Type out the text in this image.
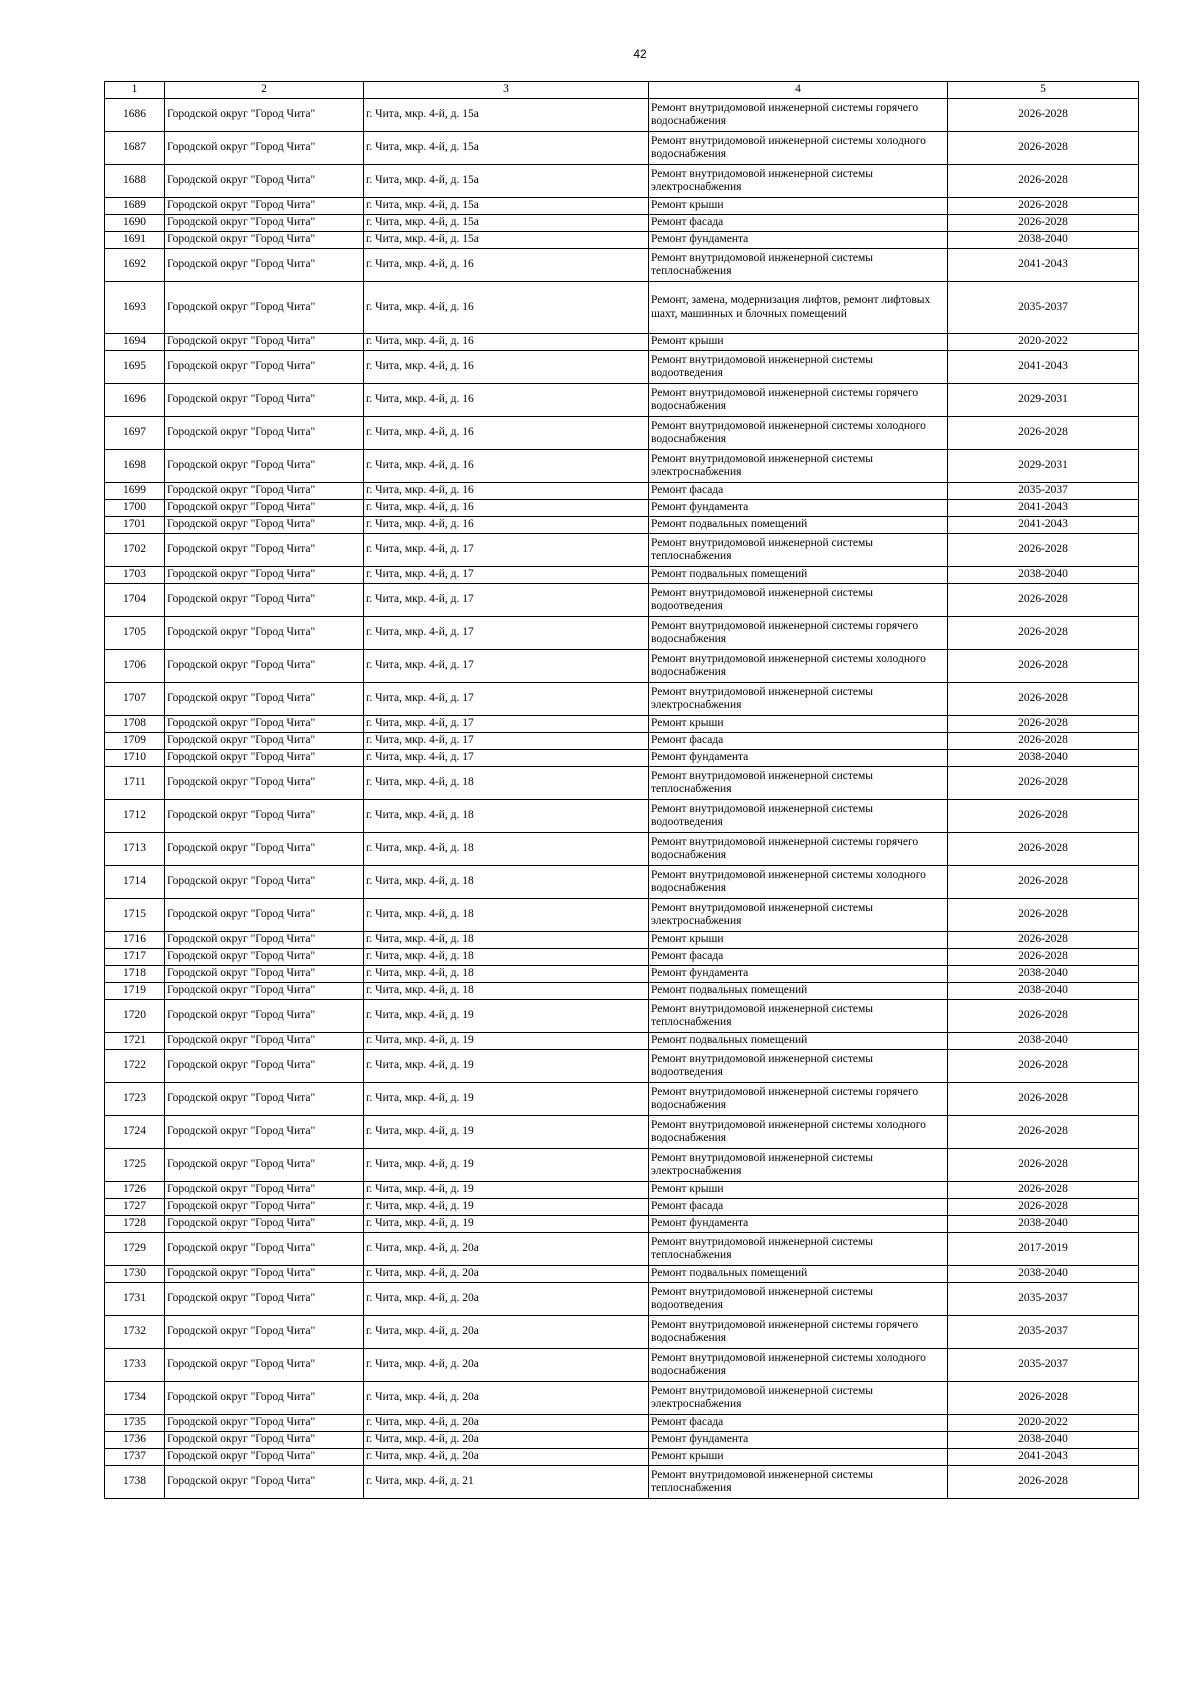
42
1	2	3	4	5
1686	Городской округ "Город Чита"	г. Чита, мкр. 4-й, д. 15а	Ремонт внутридомовой инженерной системы горячего водоснабжения	2026-2028
1687	Городской округ "Город Чита"	г. Чита, мкр. 4-й, д. 15а	Ремонт внутридомовой инженерной системы холодного водоснабжения	2026-2028
1688	Городской округ "Город Чита"	г. Чита, мкр. 4-й, д. 15а	Ремонт внутридомовой инженерной системы электроснабжения	2026-2028
1689	Городской округ "Город Чита"	г. Чита, мкр. 4-й, д. 15а	Ремонт крыши	2026-2028
1690	Городской округ "Город Чита"	г. Чита, мкр. 4-й, д. 15а	Ремонт фасада	2026-2028
1691	Городской округ "Город Чита"	г. Чита, мкр. 4-й, д. 15а	Ремонт фундамента	2038-2040
1692	Городской округ "Город Чита"	г. Чита, мкр. 4-й, д. 16	Ремонт внутридомовой инженерной системы теплоснабжения	2041-2043
1693	Городской округ "Город Чита"	г. Чита, мкр. 4-й, д. 16	Ремонт, замена, модернизация лифтов, ремонт лифтовых шахт, машинных и блочных помещений	2035-2037
1694	Городской округ "Город Чита"	г. Чита, мкр. 4-й, д. 16	Ремонт крыши	2020-2022
1695	Городской округ "Город Чита"	г. Чита, мкр. 4-й, д. 16	Ремонт внутридомовой инженерной системы водоотведения	2041-2043
1696	Городской округ "Город Чита"	г. Чита, мкр. 4-й, д. 16	Ремонт внутридомовой инженерной системы горячего водоснабжения	2029-2031
1697	Городской округ "Город Чита"	г. Чита, мкр. 4-й, д. 16	Ремонт внутридомовой инженерной системы холодного водоснабжения	2026-2028
1698	Городской округ "Город Чита"	г. Чита, мкр. 4-й, д. 16	Ремонт внутридомовой инженерной системы электроснабжения	2029-2031
1699	Городской округ "Город Чита"	г. Чита, мкр. 4-й, д. 16	Ремонт фасада	2035-2037
1700	Городской округ "Город Чита"	г. Чита, мкр. 4-й, д. 16	Ремонт фундамента	2041-2043
1701	Городской округ "Город Чита"	г. Чита, мкр. 4-й, д. 16	Ремонт подвальных помещений	2041-2043
1702	Городской округ "Город Чита"	г. Чита, мкр. 4-й, д. 17	Ремонт внутридомовой инженерной системы теплоснабжения	2026-2028
1703	Городской округ "Город Чита"	г. Чита, мкр. 4-й, д. 17	Ремонт подвальных помещений	2038-2040
1704	Городской округ "Город Чита"	г. Чита, мкр. 4-й, д. 17	Ремонт внутридомовой инженерной системы водоотведения	2026-2028
1705	Городской округ "Город Чита"	г. Чита, мкр. 4-й, д. 17	Ремонт внутридомовой инженерной системы горячего водоснабжения	2026-2028
1706	Городской округ "Город Чита"	г. Чита, мкр. 4-й, д. 17	Ремонт внутридомовой инженерной системы холодного водоснабжения	2026-2028
1707	Городской округ "Город Чита"	г. Чита, мкр. 4-й, д. 17	Ремонт внутридомовой инженерной системы электроснабжения	2026-2028
1708	Городской округ "Город Чита"	г. Чита, мкр. 4-й, д. 17	Ремонт крыши	2026-2028
1709	Городской округ "Город Чита"	г. Чита, мкр. 4-й, д. 17	Ремонт фасада	2026-2028
1710	Городской округ "Город Чита"	г. Чита, мкр. 4-й, д. 17	Ремонт фундамента	2038-2040
1711	Городской округ "Город Чита"	г. Чита, мкр. 4-й, д. 18	Ремонт внутридомовой инженерной системы теплоснабжения	2026-2028
1712	Городской округ "Город Чита"	г. Чита, мкр. 4-й, д. 18	Ремонт внутридомовой инженерной системы водоотведения	2026-2028
1713	Городской округ "Город Чита"	г. Чита, мкр. 4-й, д. 18	Ремонт внутридомовой инженерной системы горячего водоснабжения	2026-2028
1714	Городской округ "Город Чита"	г. Чита, мкр. 4-й, д. 18	Ремонт внутридомовой инженерной системы холодного водоснабжения	2026-2028
1715	Городской округ "Город Чита"	г. Чита, мкр. 4-й, д. 18	Ремонт внутридомовой инженерной системы электроснабжения	2026-2028
1716	Городской округ "Город Чита"	г. Чита, мкр. 4-й, д. 18	Ремонт крыши	2026-2028
1717	Городской округ "Город Чита"	г. Чита, мкр. 4-й, д. 18	Ремонт фасада	2026-2028
1718	Городской округ "Город Чита"	г. Чита, мкр. 4-й, д. 18	Ремонт фундамента	2038-2040
1719	Городской округ "Город Чита"	г. Чита, мкр. 4-й, д. 18	Ремонт подвальных помещений	2038-2040
1720	Городской округ "Город Чита"	г. Чита, мкр. 4-й, д. 19	Ремонт внутридомовой инженерной системы теплоснабжения	2026-2028
1721	Городской округ "Город Чита"	г. Чита, мкр. 4-й, д. 19	Ремонт подвальных помещений	2038-2040
1722	Городской округ "Город Чита"	г. Чита, мкр. 4-й, д. 19	Ремонт внутридомовой инженерной системы водоотведения	2026-2028
1723	Городской округ "Город Чита"	г. Чита, мкр. 4-й, д. 19	Ремонт внутридомовой инженерной системы горячего водоснабжения	2026-2028
1724	Городской округ "Город Чита"	г. Чита, мкр. 4-й, д. 19	Ремонт внутридомовой инженерной системы холодного водоснабжения	2026-2028
1725	Городской округ "Город Чита"	г. Чита, мкр. 4-й, д. 19	Ремонт внутридомовой инженерной системы электроснабжения	2026-2028
1726	Городской округ "Город Чита"	г. Чита, мкр. 4-й, д. 19	Ремонт крыши	2026-2028
1727	Городской округ "Город Чита"	г. Чита, мкр. 4-й, д. 19	Ремонт фасада	2026-2028
1728	Городской округ "Город Чита"	г. Чита, мкр. 4-й, д. 19	Ремонт фундамента	2038-2040
1729	Городской округ "Город Чита"	г. Чита, мкр. 4-й, д. 20а	Ремонт внутридомовой инженерной системы теплоснабжения	2017-2019
1730	Городской округ "Город Чита"	г. Чита, мкр. 4-й, д. 20а	Ремонт подвальных помещений	2038-2040
1731	Городской округ "Город Чита"	г. Чита, мкр. 4-й, д. 20а	Ремонт внутридомовой инженерной системы водоотведения	2035-2037
1732	Городской округ "Город Чита"	г. Чита, мкр. 4-й, д. 20а	Ремонт внутридомовой инженерной системы горячего водоснабжения	2035-2037
1733	Городской округ "Город Чита"	г. Чита, мкр. 4-й, д. 20а	Ремонт внутридомовой инженерной системы холодного водоснабжения	2035-2037
1734	Городской округ "Город Чита"	г. Чита, мкр. 4-й, д. 20а	Ремонт внутридомовой инженерной системы электроснабжения	2026-2028
1735	Городской округ "Город Чита"	г. Чита, мкр. 4-й, д. 20а	Ремонт фасада	2020-2022
1736	Городской округ "Город Чита"	г. Чита, мкр. 4-й, д. 20а	Ремонт фундамента	2038-2040
1737	Городской округ "Город Чита"	г. Чита, мкр. 4-й, д. 20а	Ремонт крыши	2041-2043
1738	Городской округ "Город Чита"	г. Чита, мкр. 4-й, д. 21	Ремонт внутридомовой инженерной системы теплоснабжения	2026-2028
